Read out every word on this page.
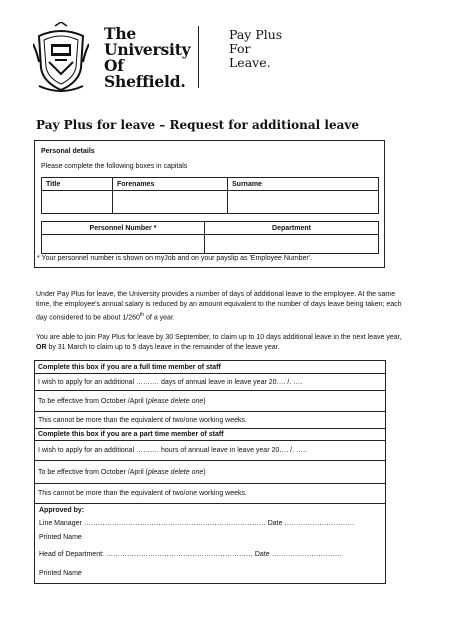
The
University
Of
Sheffield.
Pay Plus
For
Leave.
Pay Plus for leave – Request for additional leave
Personal details
Please complete the following boxes in capitals
Title	Forenames	Surname

Personnel Number *	Department

* Your personnel number is shown on myJob and on your payslip as 'Employee Number'.
Under Pay Plus for leave, the University provides a number of days of additional leave to the employee. At the same time, the employee's annual salary is reduced by an amount equivalent to the number of days leave being taken; each day considered to be about 1/260th of a year.
You are able to join Pay Plus for leave by 30 September, to claim up to 10 days additional leave in the next leave year, OR by 31 March to claim up to 5 days leave in the remainder of the leave year.
Complete this box if you are a full time member of staff
I wish to apply for an additional ………. days of annual leave in leave year 20…. /. ….
To be effective from October /April ( please delete one )
This cannot be more than the equivalent of two/one working weeks.
Complete this box if you are a part time member of staff
I wish to apply for an additional ………. hours of annual leave in leave year 20…. /. …..
To be effective from October /April ( please delete one )
This cannot be more than the equivalent of two/one working weeks.
Approved by:
Line Manager …………………………………………………………………… Date …………………………
Printed Name
Head of Department: ……………………………………………………… Date …………………………
Printed Name
